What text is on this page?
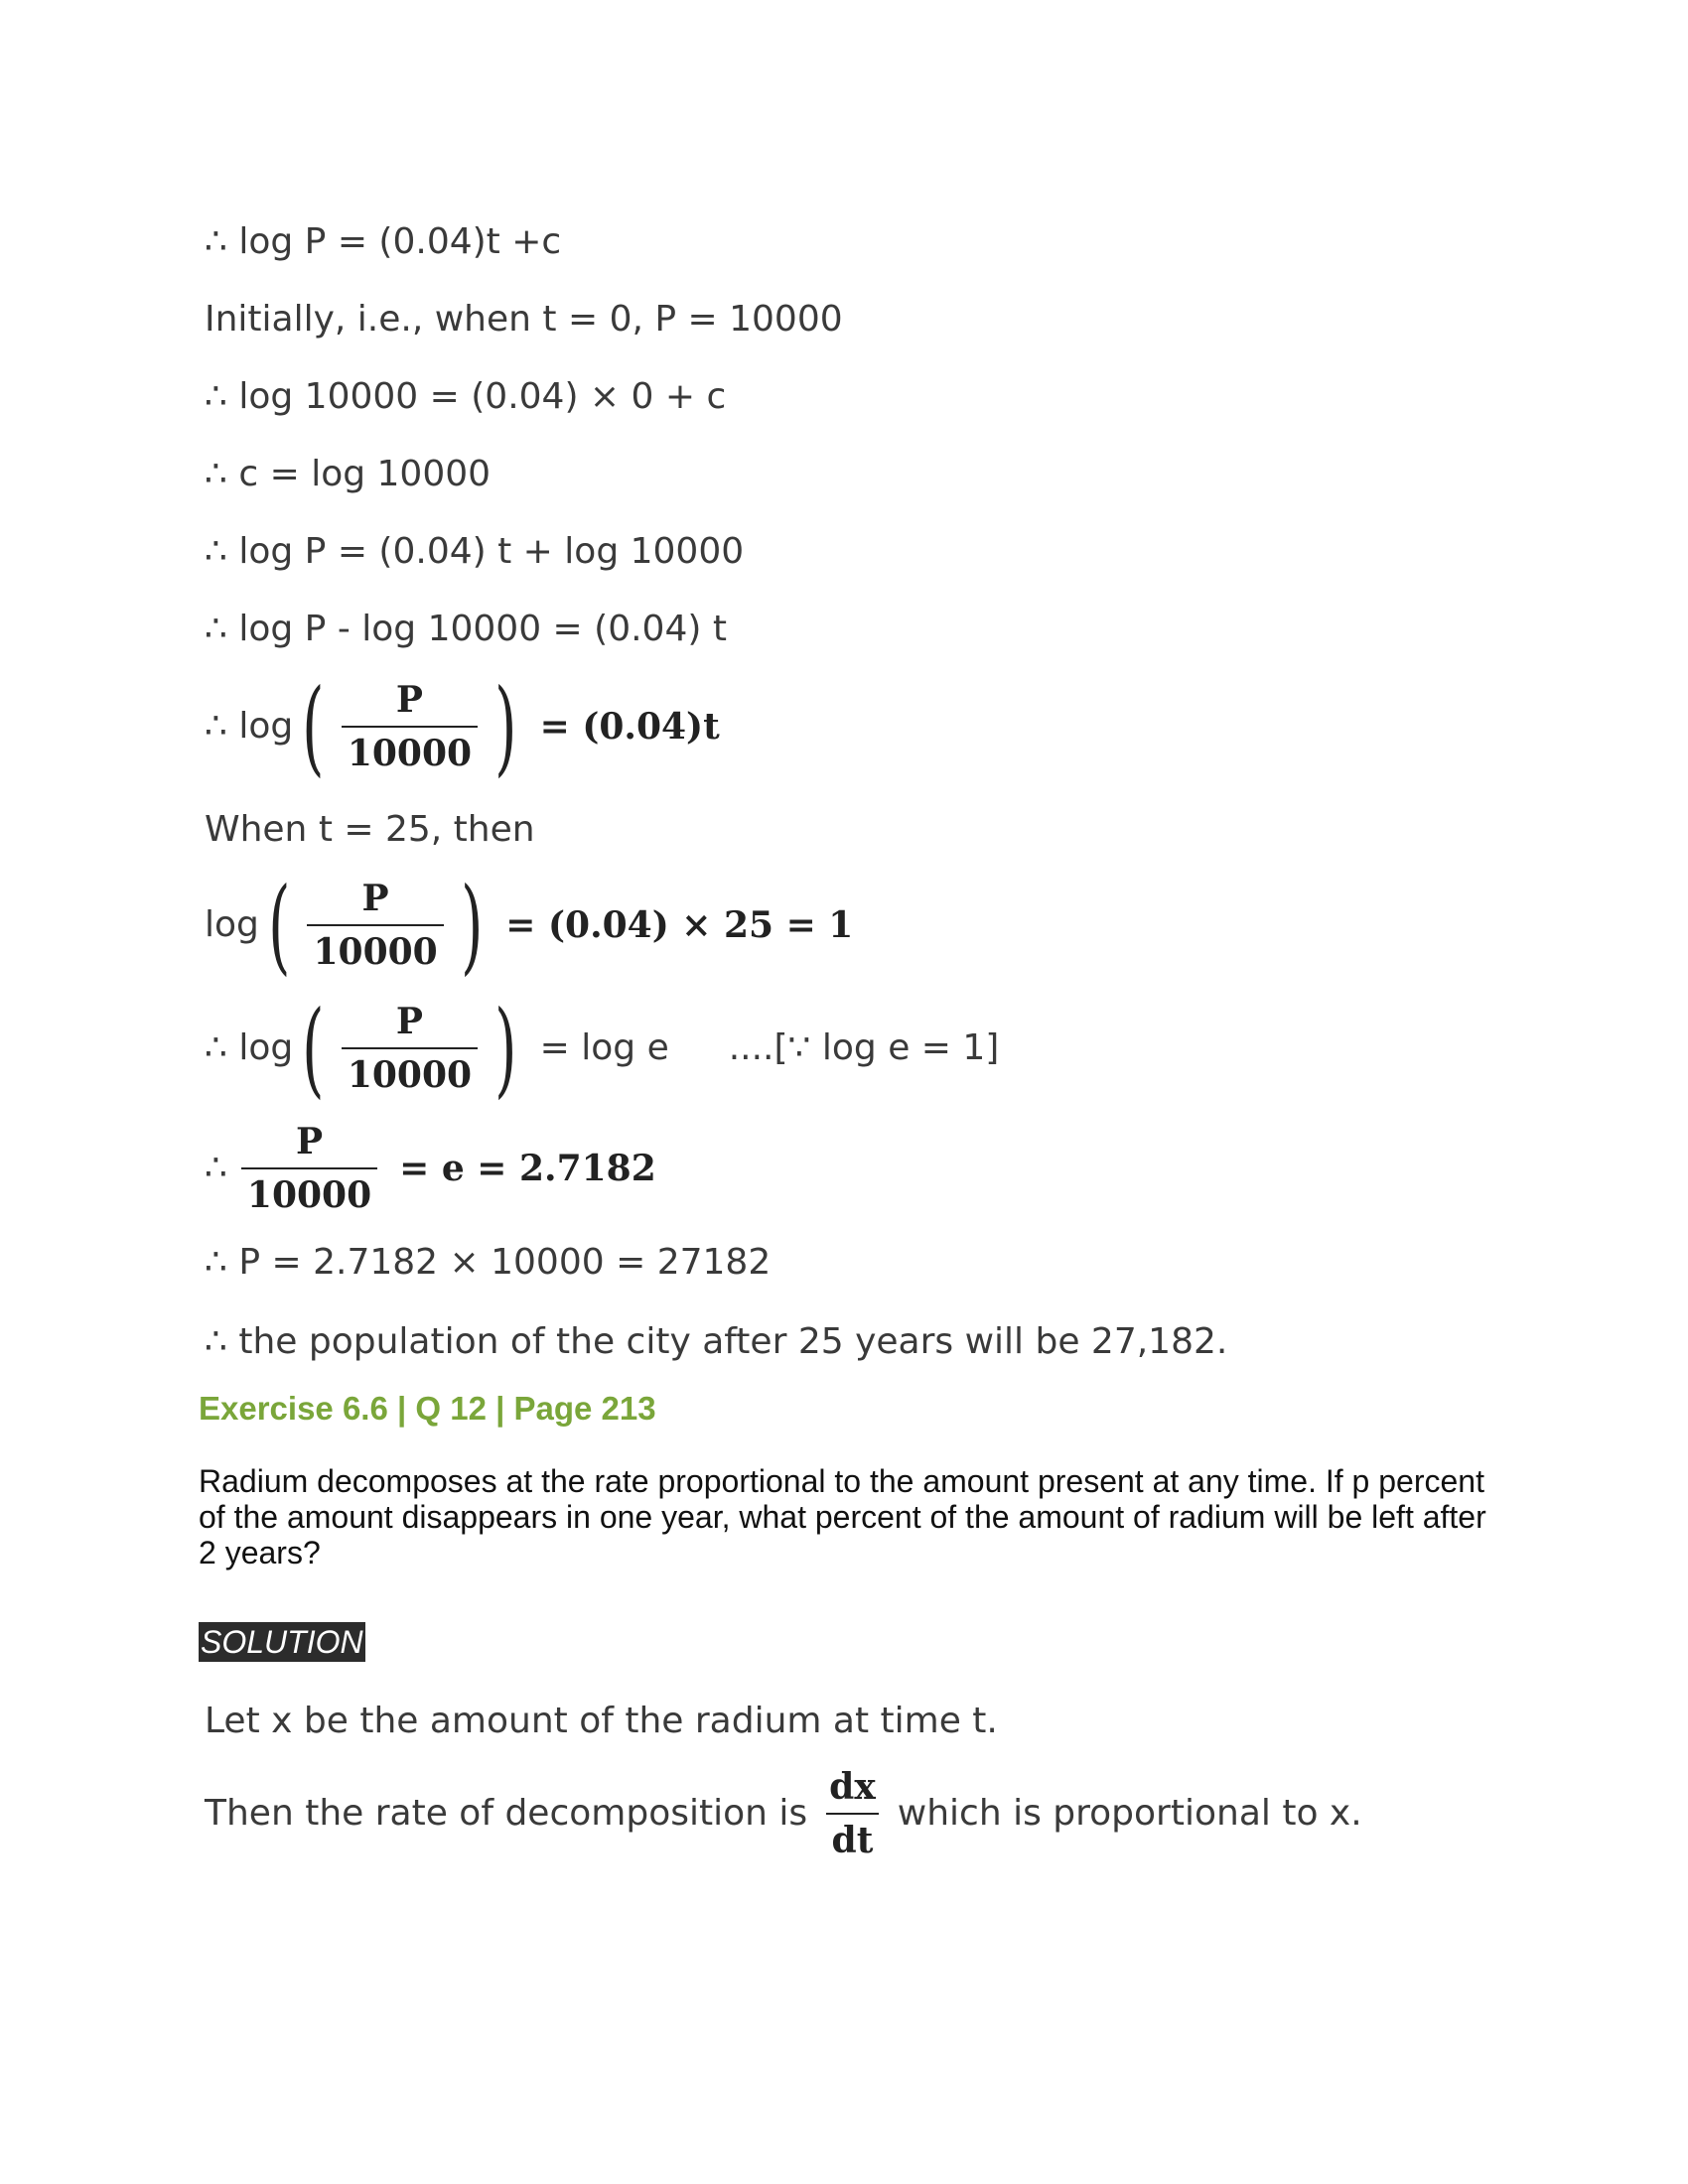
∴ log P = (0.04)t +c
Initially, i.e., when t = 0, P = 10000
∴ log 10000 = (0.04) × 0 + c
∴ c = log 10000
∴ log P = (0.04) t + log 10000
∴ log P - log 10000 = (0.04) t
∴ log ( $\frac{P}{10000}$ ) = (0.04)t
When t = 25, then
log ( $\frac{P}{10000}$ ) = (0.04) × 25 = 1
∴ log ( $\frac{P}{10000}$ ) = log e ....[∵ log e = 1]
∴ $\frac{P}{10000} = e = 2.7182$
∴ P = 2.7182 × 10000 = 27182
∴ the population of the city after 25 years will be 27,182.
Exercise 6.6 | Q 12 | Page 213
Radium decomposes at the rate proportional to the amount present at any time. If p percent of the amount disappears in one year, what percent of the amount of radium will be left after 2 years?
SOLUTION
Let x be the amount of the radium at time t.
Then the rate of decomposition is $\frac{dx}{dt}$ which is proportional to x.
